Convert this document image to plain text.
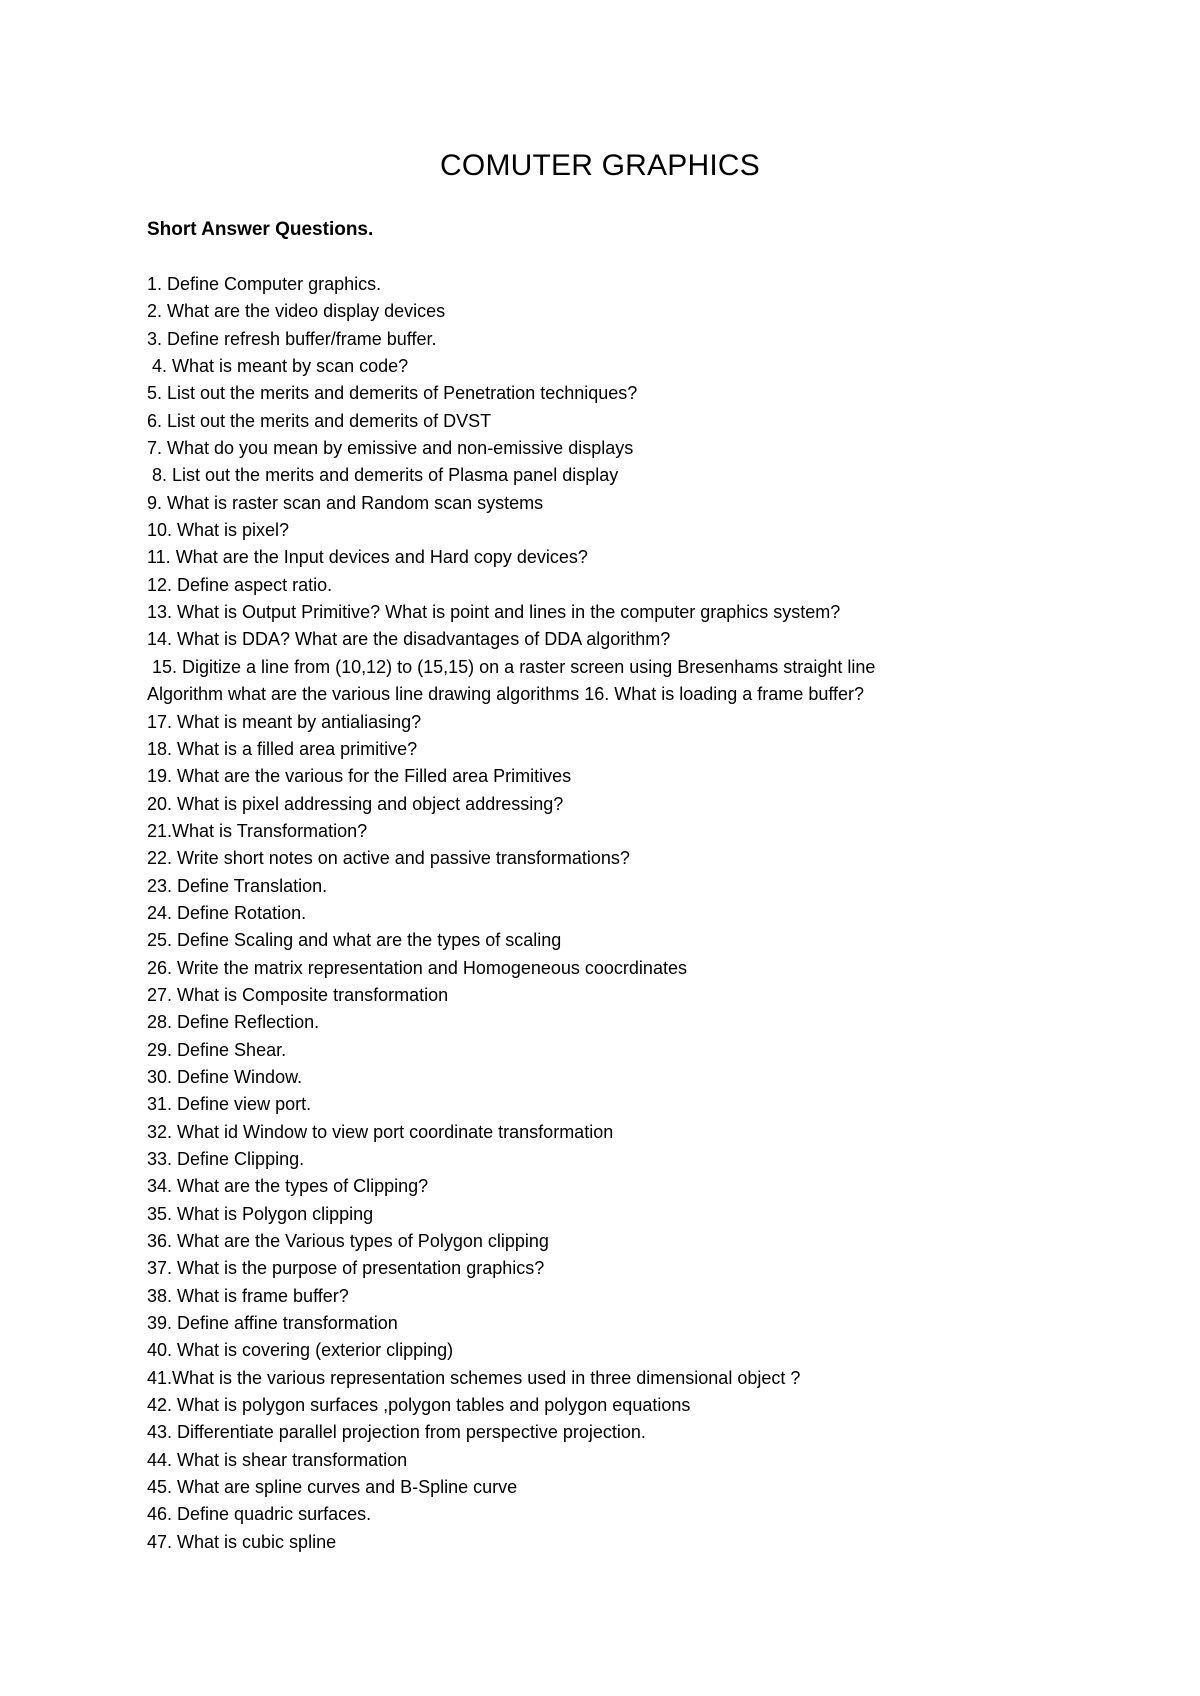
COMUTER GRAPHICS
Short Answer Questions.
1. Define Computer graphics.
2. What are the video display devices
3. Define refresh buffer/frame buffer.
4. What is meant by scan code?
5. List out the merits and demerits of Penetration techniques?
6. List out the merits and demerits of DVST
7. What do you mean by emissive and non-emissive displays
8. List out the merits and demerits of Plasma panel display
9. What is raster scan and Random scan systems
10. What is pixel?
11. What are the Input devices and Hard copy devices?
12. Define aspect ratio.
13. What is Output Primitive? What is point and lines in the computer graphics system?
14. What is DDA? What are the disadvantages of DDA algorithm?
15. Digitize a line from (10,12) to (15,15) on a raster screen using Bresenhams straight line
Algorithm what are the various line drawing algorithms 16. What is loading a frame buffer?
17. What is meant by antialiasing?
18. What is a filled area primitive?
19. What are the various for the Filled area Primitives
20. What is pixel addressing and object addressing?
21.What is Transformation?
22. Write short notes on active and passive transformations?
23. Define Translation.
24. Define Rotation.
25. Define Scaling and what are the types of scaling
26. Write the matrix representation and Homogeneous coocrdinates
27. What is Composite transformation
28. Define Reflection.
29. Define Shear.
30. Define Window.
31. Define view port.
32. What id Window to view port coordinate transformation
33. Define Clipping.
34. What are the types of Clipping?
35. What is Polygon clipping
36. What are the Various types of Polygon clipping
37. What is the purpose of presentation graphics?
38. What is frame buffer?
39. Define affine transformation
40. What is covering (exterior clipping)
41.What is the various representation schemes used in three dimensional object ?
42. What is polygon surfaces ,polygon tables and polygon equations
43. Differentiate parallel projection from perspective projection.
44. What is shear transformation
45. What are spline curves and B-Spline curve
46. Define quadric surfaces.
47. What is cubic spline
